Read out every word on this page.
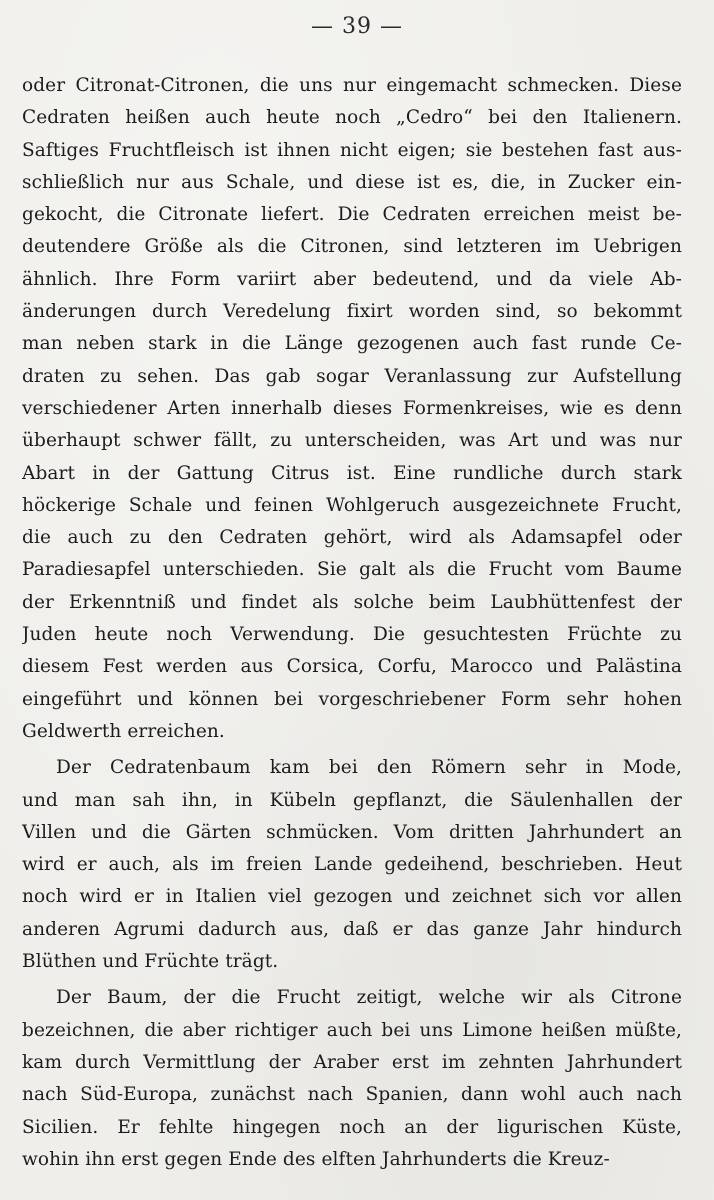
— 39 —
oder Citronat-Citronen, die uns nur eingemacht schmecken. Diese
Cedraten heißen auch heute noch „Cedro“ bei den Italienern.
Saftiges Fruchtfleisch ist ihnen nicht eigen; sie bestehen fast aus-
schließlich nur aus Schale, und diese ist es, die, in Zucker ein-
gekocht, die Citronate liefert. Die Cedraten erreichen meist be-
deutendere Größe als die Citronen, sind letzteren im Uebrigen
ähnlich. Ihre Form variirt aber bedeutend, und da viele Ab-
änderungen durch Veredelung fixirt worden sind, so bekommt
man neben stark in die Länge gezogenen auch fast runde Ce-
draten zu sehen. Das gab sogar Veranlassung zur Aufstellung
verschiedener Arten innerhalb dieses Formenkreises, wie es denn
überhaupt schwer fällt, zu unterscheiden, was Art und was nur
Abart in der Gattung Citrus ist. Eine rundliche durch stark
höckerige Schale und feinen Wohlgeruch ausgezeichnete Frucht,
die auch zu den Cedraten gehört, wird als Adamsapfel oder
Paradiesapfel unterschieden. Sie galt als die Frucht vom Baume
der Erkenntniß und findet als solche beim Laubhüttenfest der
Juden heute noch Verwendung. Die gesuchtesten Früchte zu
diesem Fest werden aus Corsica, Corfu, Marocco und Palästina
eingeführt und können bei vorgeschriebener Form sehr hohen
Geldwerth erreichen.
Der Cedratenbaum kam bei den Römern sehr in Mode,
und man sah ihn, in Kübeln gepflanzt, die Säulenhallen der
Villen und die Gärten schmücken. Vom dritten Jahrhundert an
wird er auch, als im freien Lande gedeihend, beschrieben. Heut
noch wird er in Italien viel gezogen und zeichnet sich vor allen
anderen Agrumi dadurch aus, daß er das ganze Jahr hindurch
Blüthen und Früchte trägt.
Der Baum, der die Frucht zeitigt, welche wir als Citrone
bezeichnen, die aber richtiger auch bei uns Limone heißen müßte,
kam durch Vermittlung der Araber erst im zehnten Jahrhundert
nach Süd-Europa, zunächst nach Spanien, dann wohl auch nach
Sicilien. Er fehlte hingegen noch an der ligurischen Küste,
wohin ihn erst gegen Ende des elften Jahrhunderts die Kreuz-
